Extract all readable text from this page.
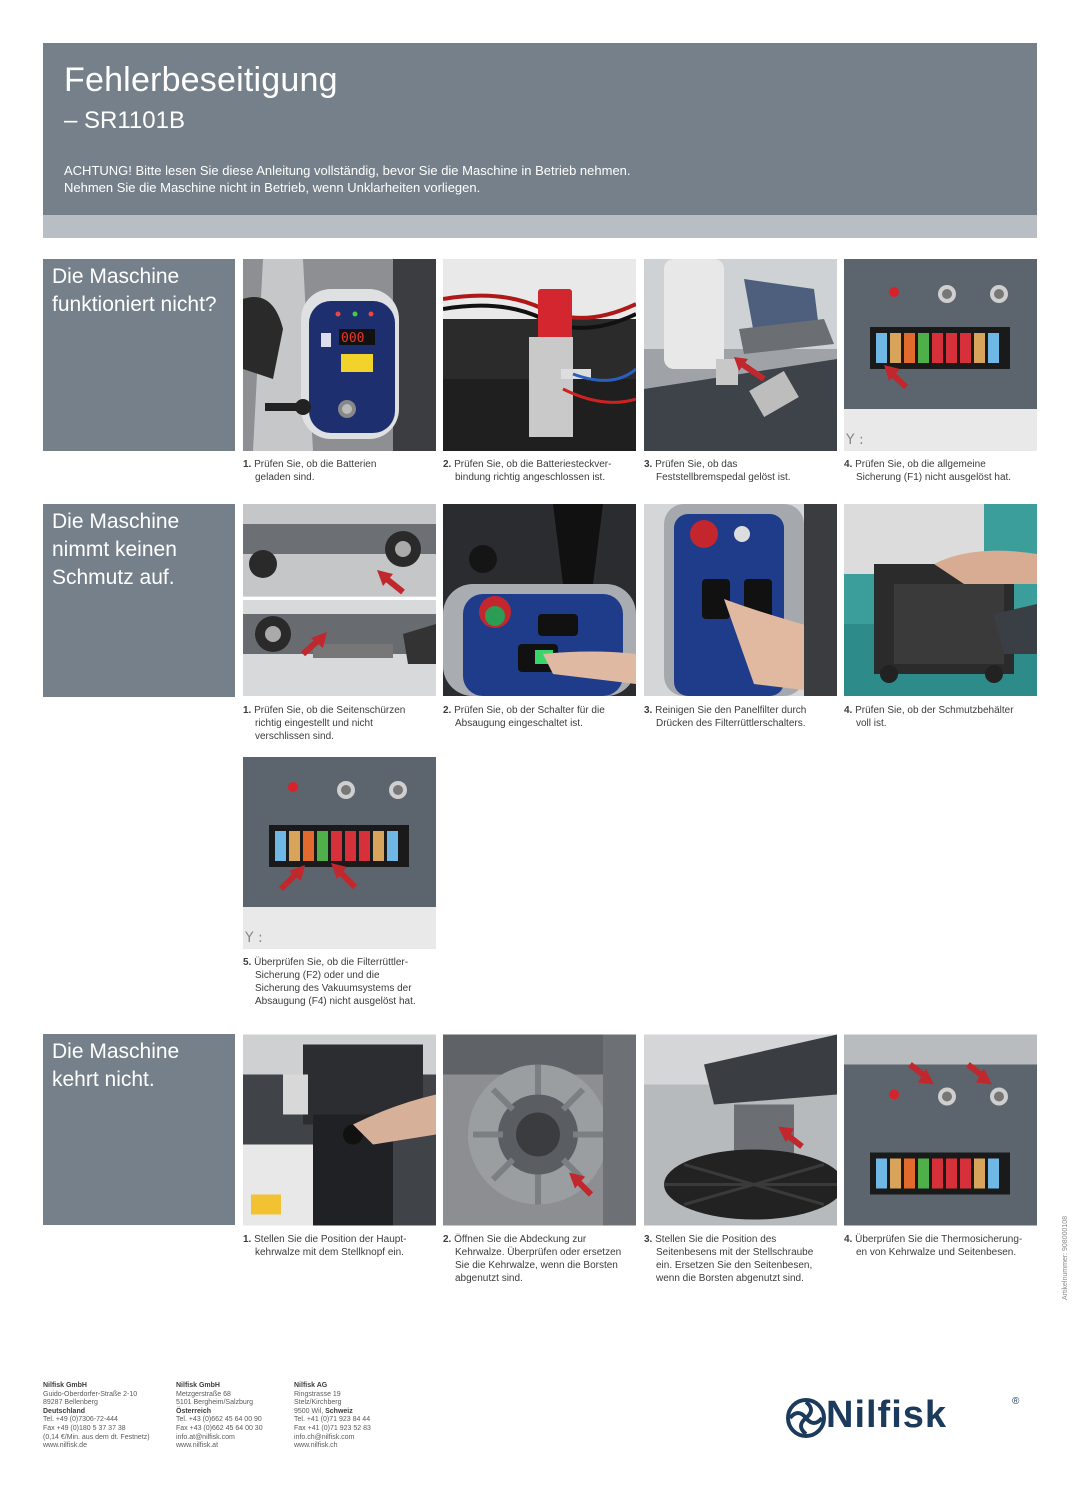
Fehlerbeseitigung
– SR1101B
ACHTUNG! Bitte lesen Sie diese Anleitung vollständig, bevor Sie die Maschine in Betrieb nehmen.
Nehmen Sie die Maschine nicht in Betrieb, wenn Unklarheiten vorliegen.
Die Maschine
funktioniert nicht?
000
1. Prüfen Sie, ob die Batterien
geladen sind.
2. Prüfen Sie, ob die Batteriesteckver-
bindung richtig angeschlossen ist.
3. Prüfen Sie, ob das
Feststellbremspedal gelöst ist.
Y :
4. Prüfen Sie, ob die allgemeine
Sicherung (F1) nicht ausgelöst hat.
Die Maschine
nimmt keinen
Schmutz auf.
1. Prüfen Sie, ob die Seitenschürzen
richtig eingestellt und nicht
verschlissen sind.
2. Prüfen Sie, ob der Schalter für die
Absaugung eingeschaltet ist.
3. Reinigen Sie den Panelfilter durch
Drücken des Filterrüttlerschalters.
4. Prüfen Sie, ob der Schmutzbehälter
voll ist.
Y :
5. Überprüfen Sie, ob die Filterrüttler-
Sicherung (F2) oder und die
Sicherung des Vakuumsystems der
Absaugung (F4) nicht ausgelöst hat.
Die Maschine
kehrt nicht.
1. Stellen Sie die Position der Haupt-
kehrwalze mit dem Stellknopf ein.
2. Öffnen Sie die Abdeckung zur
Kehrwalze. Überprüfen oder ersetzen
Sie die Kehrwalze, wenn die Borsten
abgenutzt sind.
3. Stellen Sie die Position des
Seitenbesens mit der Stellschraube
ein. Ersetzen Sie den Seitenbesen,
wenn die Borsten abgenutzt sind.
4. Überprüfen Sie die Thermosicherung-
en von Kehrwalze und Seitenbesen.
Nilfisk GmbH
Guido-Oberdorfer-Straße 2-10
89287 Bellenberg
Deutschland
Tel. +49 (0)7306-72-444
Fax +49 (0)180 5 37 37 38
(0,14 €/Min. aus dem dt. Festnetz)
www.nilfisk.de
Nilfisk GmbH
Metzgerstraße 68
5101 Bergheim/Salzburg
Österreich
Tel. +43 (0)662 45 64 00 90
Fax +43 (0)662 45 64 00 30
info.at@nilfisk.com
www.nilfisk.at
Nilfisk AG
Ringstrasse 19
Stelz/Kirchberg
9500 Wil, Schweiz
Tel. +41 (0)71 923 84 44
Fax +41 (0)71 923 52 83
info.ch@nilfisk.com
www.nilfisk.ch
Artikelnummer: 908000108
Nilfisk	®
